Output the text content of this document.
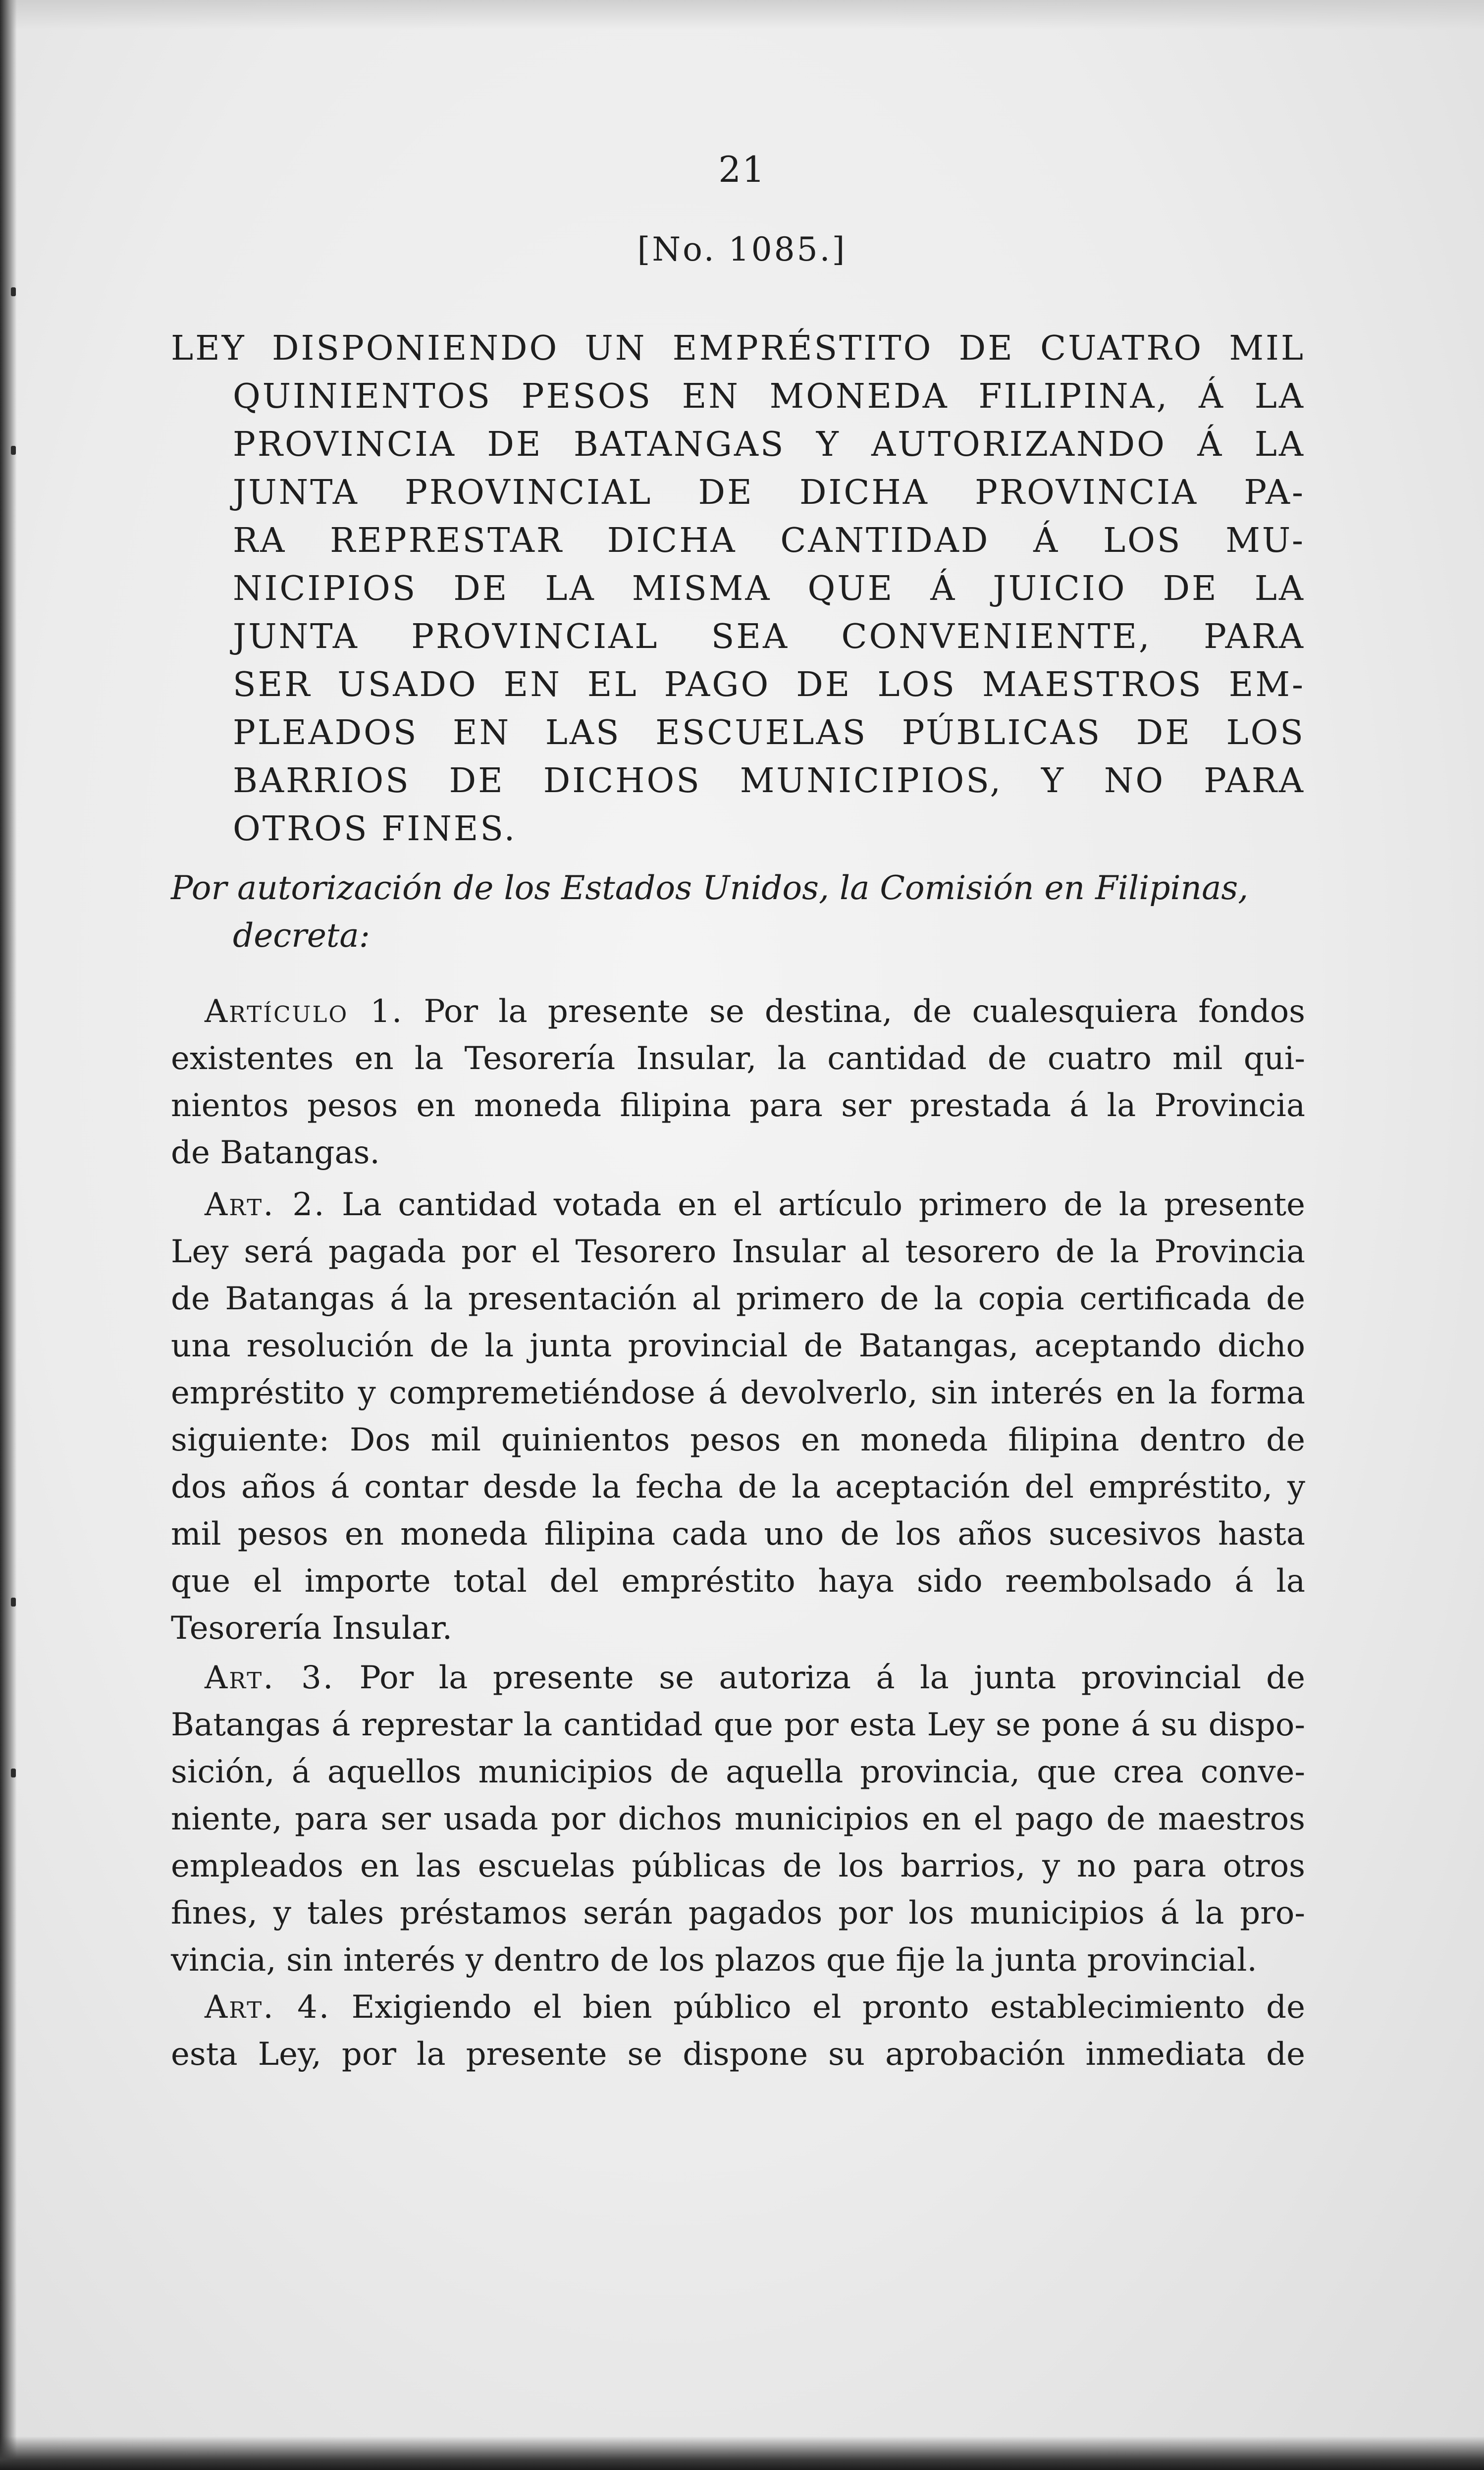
21
[No. 1085.]
LEY DISPONIENDO UN EMPRÉSTITO DE CUATRO MIL
QUINIENTOS PESOS EN MONEDA FILIPINA, Á LA
PROVINCIA DE BATANGAS Y AUTORIZANDO Á LA
JUNTA PROVINCIAL DE DICHA PROVINCIA PA-
RA REPRESTAR DICHA CANTIDAD Á LOS MU-
NICIPIOS DE LA MISMA QUE Á JUICIO DE LA
JUNTA PROVINCIAL SEA CONVENIENTE, PARA
SER USADO EN EL PAGO DE LOS MAESTROS EM-
PLEADOS EN LAS ESCUELAS PÚBLICAS DE LOS
BARRIOS DE DICHOS MUNICIPIOS, Y NO PARA
OTROS FINES.
Por autorización de los Estados Unidos, la Comisión en Filipinas,
decreta:
Artículo 1. Por la presente se destina, de cualesquiera fondos
existentes en la Tesorería Insular, la cantidad de cuatro mil qui-
nientos pesos en moneda filipina para ser prestada á la Provincia
de Batangas.
Art. 2. La cantidad votada en el artículo primero de la presente
Ley será pagada por el Tesorero Insular al tesorero de la Provincia
de Batangas á la presentación al primero de la copia certificada de
una resolución de la junta provincial de Batangas, aceptando dicho
empréstito y compremetiéndose á devolverlo, sin interés en la forma
siguiente: Dos mil quinientos pesos en moneda filipina dentro de
dos años á contar desde la fecha de la aceptación del empréstito, y
mil pesos en moneda filipina cada uno de los años sucesivos hasta
que el importe total del empréstito haya sido reembolsado á la
Tesorería Insular.
Art. 3. Por la presente se autoriza á la junta provincial de
Batangas á represtar la cantidad que por esta Ley se pone á su dispo-
sición, á aquellos municipios de aquella provincia, que crea conve-
niente, para ser usada por dichos municipios en el pago de maestros
empleados en las escuelas públicas de los barrios, y no para otros
fines, y tales préstamos serán pagados por los municipios á la pro-
vincia, sin interés y dentro de los plazos que fije la junta provincial.
Art. 4. Exigiendo el bien público el pronto establecimiento de
esta Ley, por la presente se dispone su aprobación inmediata de
